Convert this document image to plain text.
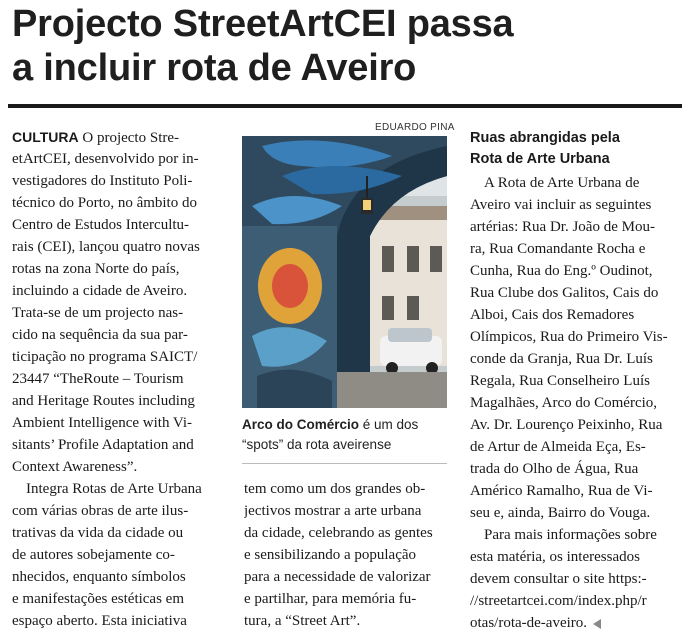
Projecto StreetArtCEI passa
a incluir rota de Aveiro
CULTURA O projecto Stre-
etArtCEI, desenvolvido por in-
vestigadores do Instituto Poli-
técnico do Porto, no âmbito do
Centro de Estudos Intercultu-
rais (CEI), lançou quatro novas
rotas na zona Norte do país,
incluindo a cidade de Aveiro.
Trata-se de um projecto nas-
cido na sequência da sua par-
ticipação no programa SAICT/
23447 “TheRoute – Tourism
and Heritage Routes including
Ambient Intelligence with Vi-
sitants’ Profile Adaptation and
Context Awareness”.
Integra Rotas de Arte Urbana
com várias obras de arte ilus-
trativas da vida da cidade ou
de autores sobejamente co-
nhecidos, enquanto símbolos
e manifestações estéticas em
espaço aberto. Esta iniciativa
EDUARDO PINA
Arco do Comércio é um dos
“spots” da rota aveirense
tem como um dos grandes ob-
jectivos mostrar a arte urbana
da cidade, celebrando as gentes
e sensibilizando a população
para a necessidade de valorizar
e partilhar, para memória fu-
tura, a “Street Art”.
Ruas abrangidas pela
Rota de Arte Urbana
A Rota de Arte Urbana de
Aveiro vai incluir as seguintes
artérias: Rua Dr. João de Mou-
ra, Rua Comandante Rocha e
Cunha, Rua do Eng.º Oudinot,
Rua Clube dos Galitos, Cais do
Alboi, Cais dos Remadores
Olímpicos, Rua do Primeiro Vis-
conde da Granja, Rua Dr. Luís
Regala, Rua Conselheiro Luís
Magalhães, Arco do Comércio,
Av. Dr. Lourenço Peixinho, Rua
de Artur de Almeida Eça, Es-
trada do Olho de Água, Rua
Américo Ramalho, Rua de Vi-
seu e, ainda, Bairro do Vouga.
Para mais informações sobre
esta matéria, os interessados
devem consultar o site https:-
//streetartcei.com/index.php/r
otas/rota-de-aveiro.
